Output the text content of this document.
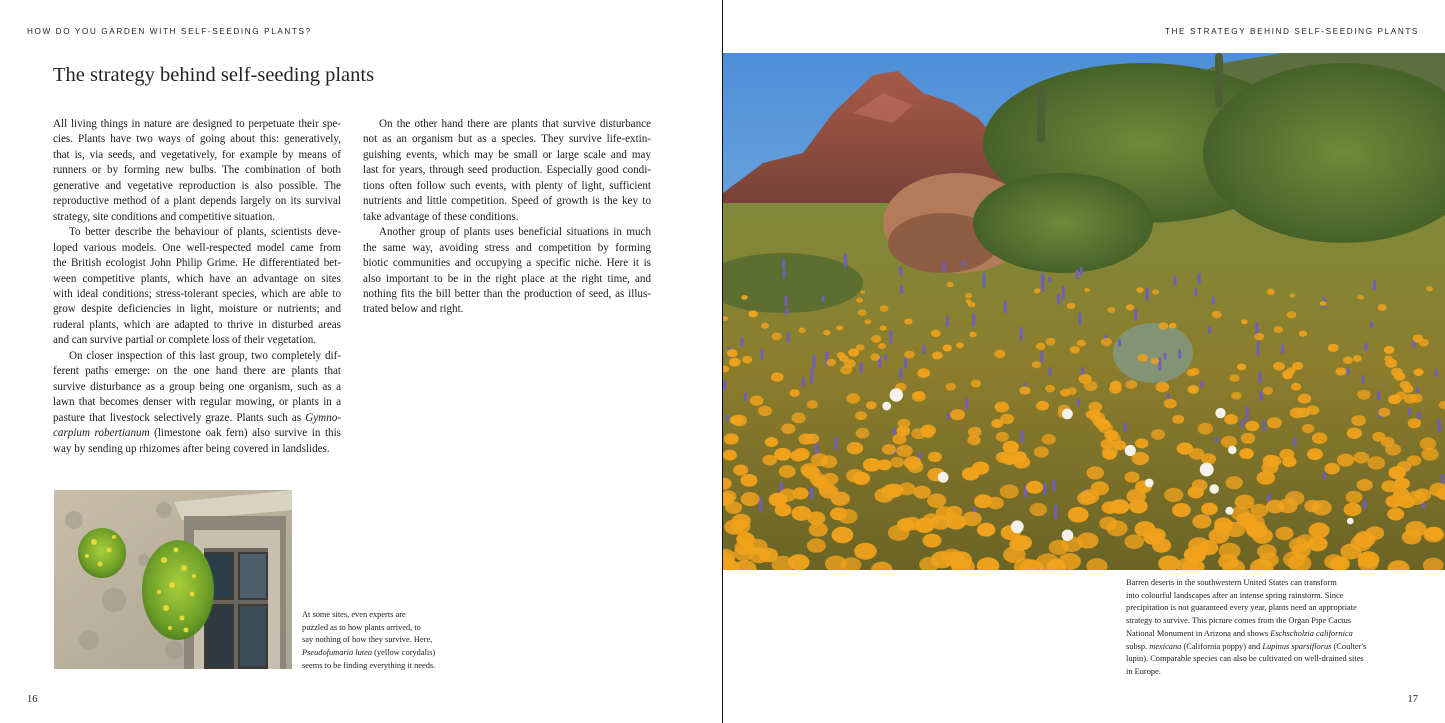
HOW DO YOU GARDEN WITH SELF-SEEDING PLANTS?
The strategy behind self-seeding plants

All living things in nature are designed to perpetuate their spe-
cies. Plants have two ways of going about this: generatively,
that is, via seeds, and vegetatively, for example by means of
runners or by forming new bulbs. The combination of both
generative and vegetative reproduction is also possible. The
reproductive method of a plant depends largely on its survival
strategy, site conditions and competitive situation.

To better describe the behaviour of plants, scientists deve-
loped various models. One well-respected model came from
the British ecologist John Philip Grime. He differentiated bet-
ween competitive plants, which have an advantage on sites
with ideal conditions; stress-tolerant species, which are able to
grow despite deficiencies in light, moisture or nutrients; and
ruderal plants, which are adapted to thrive in disturbed areas
and can survive partial or complete loss of their vegetation.

On closer inspection of this last group, two completely dif-
ferent paths emerge: on the one hand there are plants that
survive disturbance as a group being one organism, such as a
lawn that becomes denser with regular mowing, or plants in a
pasture that livestock selectively graze. Plants such as Gymno-
carpium robertianum (limestone oak fern) also survive in this
way by sending up rhizomes after being covered in landslides.

On the other hand there are plants that survive disturbance
not as an organism but as a species. They survive life-extin-
guishing events, which may be small or large scale and may
last for years, through seed production. Especially good condi-
tions often follow such events, with plenty of light, sufficient
nutrients and little competition. Speed of growth is the key to
take advantage of these conditions.

Another group of plants uses beneficial situations in much
the same way, avoiding stress and competition by forming
biotic communities and occupying a specific niche. Here it is
also important to be in the right place at the right time, and
nothing fits the bill better than the production of seed, as illus-
trated below and right.

At some sites, even experts are
puzzled as to how plants arrived, to
say nothing of how they survive. Here,
Pseudofumaria lutea (yellow corydalis)
seems to be finding everything it needs.
16
THE STRATEGY BEHIND SELF-SEEDING PLANTS
Barren deserts in the southwestern United States can transform
into colourful landscapes after an intense spring rainstorm. Since
precipitation is not guaranteed every year, plants need an appropriate
strategy to survive. This picture comes from the Organ Pipe Cactus
National Monument in Arizona and shows Eschscholzia californica
subsp. mexicana (California poppy) and Lupinus sparsiflorus (Coulter's
lupin). Comparable species can also be cultivated on well-drained sites
in Europe.
17
